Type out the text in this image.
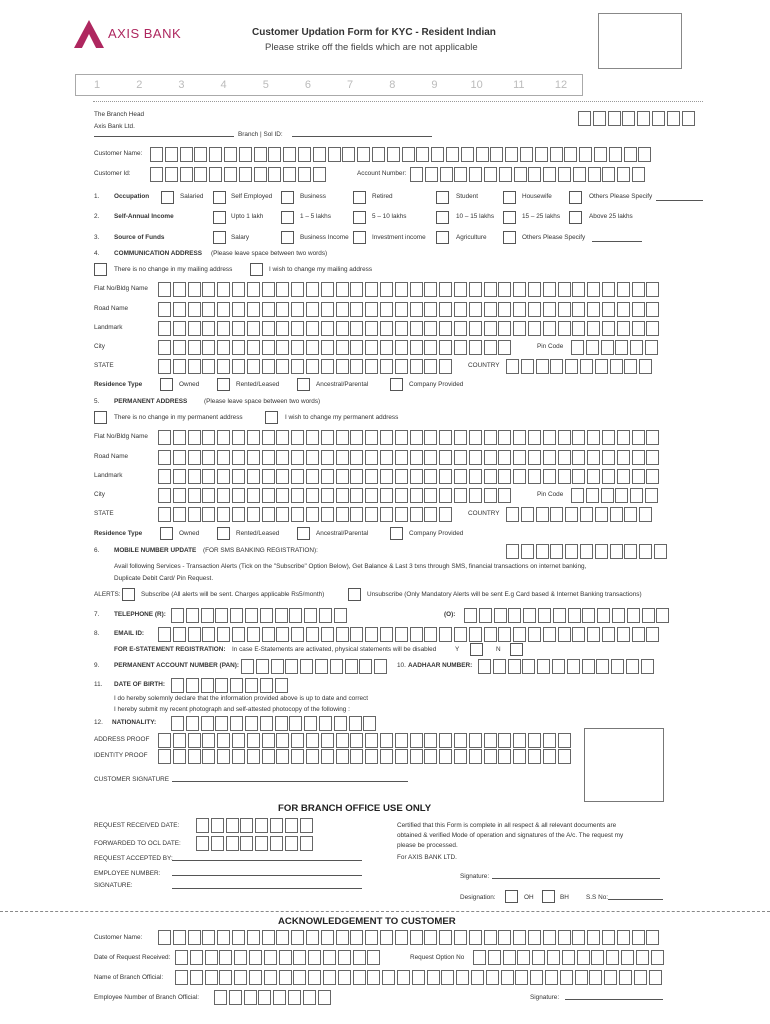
AXIS BANK	Customer Updation Form for KYC - Resident Indian
Please strike off the fields which are not applicable
1	2	3	4	5	6	7	8	9	10	11	12
The Branch Head
Axis Bank Ltd.
Branch | Sol ID:
Customer Name:
Customer Id:	Account Number:
1. Occupation	Salaried	Self Employed	Business	Retired	Student	Housewife	Others Please Specify
2. Self-Annual Income	Upto 1 lakh	1 – 5 lakhs	5 – 10 lakhs	10 – 15 lakhs	15 – 25 lakhs	Above 25 lakhs
3. Source of Funds	Salary	Business Income	Investment income	Agriculture	Others Please Specify
4. COMMUNICATION ADDRESS (Please leave space between two words)
There is no change in my mailing address	I wish to change my mailing address
Flat No/Bldg Name
Road Name
Landmark
City	Pin Code
STATE	COUNTRY
Residence Type	Owned	Rented/Leased	Ancestral/Parental	Company Provided
5. PERMANENT ADDRESS	(Please leave space between two words)
There is no change in my permanent address	I wish to change my permanent address
Flat No/Bldg Name
Road Name
Landmark
City	Pin Code
STATE	COUNTRY
Residence Type	Owned	Rented/Leased	Ancestral/Parental	Company Provided
6. MOBILE NUMBER UPDATE (FOR SMS BANKING REGISTRATION):
Avail following Services - Transaction Alerts (Tick on the "Subscribe" Option Below), Get Balance & Last 3 txns through SMS, financial transactions on internet banking,
Duplicate Debit Card/ Pin Request.
ALERTS:	Subscribe (All alerts will be sent. Charges applicable Rs5/month)	Unsubscribe (Only Mandatory Alerts will be sent E.g Card based & Internet Banking transactions)
7. TELEPHONE (R):	(O):
8. EMAIL ID:
FOR E-STATEMENT REGISTRATION: In case E-Statements are activated, physical statements will be disabled	Y	N
9. PERMANENT ACCOUNT NUMBER (PAN):	10. AADHAAR NUMBER:
11. DATE OF BIRTH:
I do hereby solemnly declare that the information provided above is up to date and correct
I hereby submit my recent photograph and self-attested photocopy of the following :
12. NATIONALITY:
ADDRESS PROOF
IDENTITY PROOF
CUSTOMER SIGNATURE
FOR BRANCH OFFICE USE ONLY
REQUEST RECEIVED DATE:
FORWARDED TO OCL DATE:
REQUEST ACCEPTED BY:
EMPLOYEE NUMBER:
SIGNATURE:
Certified that this Form is complete in all respect & all relevant documents are
obtained & verified Mode of operation and signatures of the A/c. The request my
please be processed.
For AXIS BANK LTD.
Signature:
Designation:	OH	BH	S.S No:
ACKNOWLEDGEMENT TO CUSTOMER
Customer Name:
Date of Request Received:	Request Option No
Name of Branch Official:
Employee Number of Branch Official:	Signature:
